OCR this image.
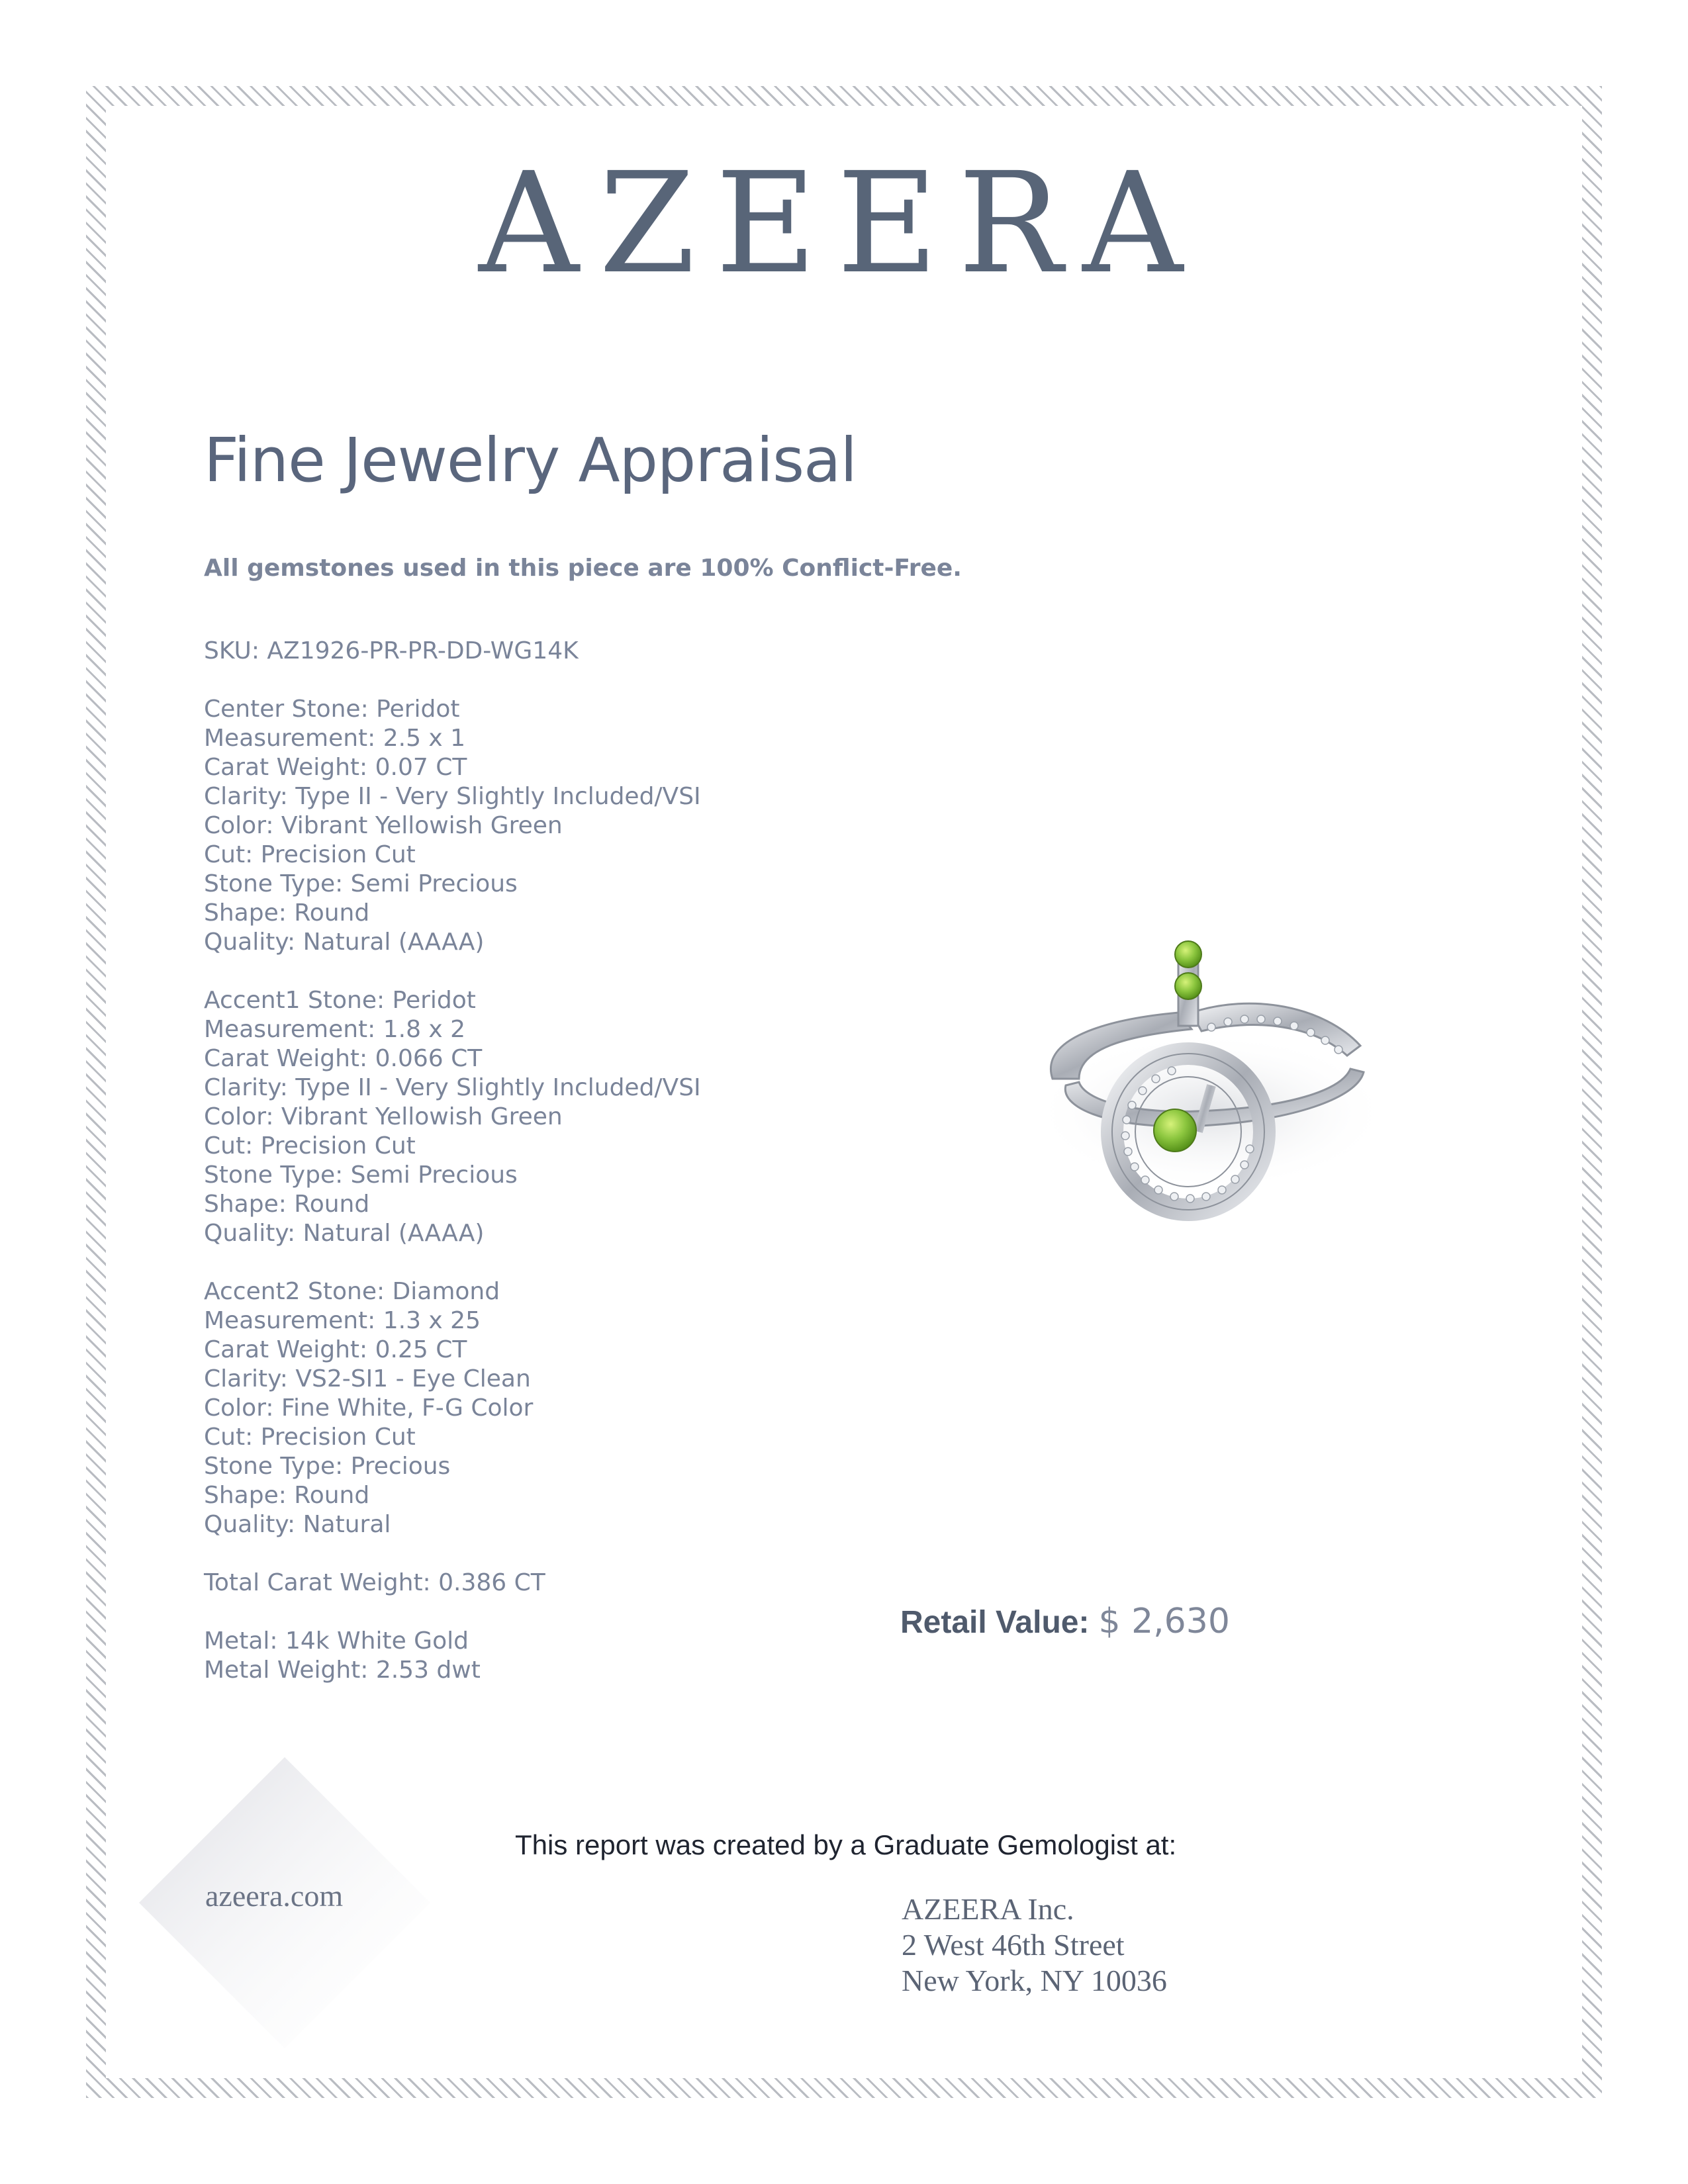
AZEERA
Fine Jewelry Appraisal
All gemstones used in this piece are 100% Conflict-Free.
SKU: AZ1926-PR-PR-DD-WG14K
Center Stone: Peridot
Measurement: 2.5 x 1
Carat Weight: 0.07 CT
Clarity: Type II - Very Slightly Included/VSI
Color: Vibrant Yellowish Green
Cut: Precision Cut
Stone Type: Semi Precious
Shape: Round
Quality: Natural (AAAA)
Accent1 Stone: Peridot
Measurement: 1.8 x 2
Carat Weight: 0.066 CT
Clarity: Type II - Very Slightly Included/VSI
Color: Vibrant Yellowish Green
Cut: Precision Cut
Stone Type: Semi Precious
Shape: Round
Quality: Natural (AAAA)
Accent2 Stone: Diamond
Measurement: 1.3 x 25
Carat Weight: 0.25 CT
Clarity: VS2-SI1 - Eye Clean
Color: Fine White, F-G Color
Cut: Precision Cut
Stone Type: Precious
Shape: Round
Quality: Natural
Total Carat Weight: 0.386 CT
Metal: 14k White Gold
Metal Weight: 2.53 dwt
Retail Value: $ 2,630
azeera.com
This report was created by a Graduate Gemologist at:
AZEERA Inc.
2 West 46th Street
New York, NY 10036
